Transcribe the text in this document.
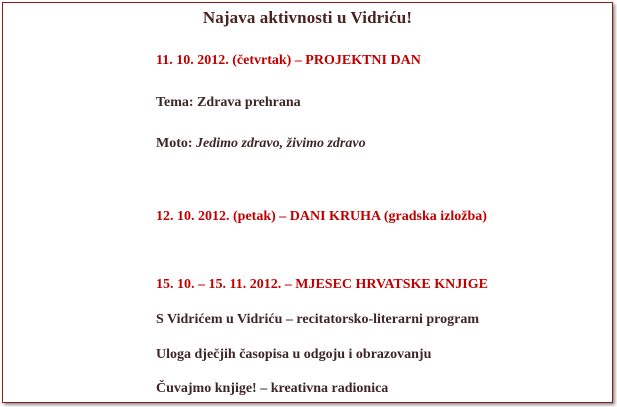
Najava aktivnosti u Vidriću!
11. 10. 2012. (četvrtak) – PROJEKTNI DAN
Tema: Zdrava prehrana
Moto: Jedimo zdravo, živimo zdravo
12. 10. 2012. (petak) – DANI KRUHA (gradska izložba)
15. 10. – 15. 11. 2012. – MJESEC HRVATSKE KNJIGE
S Vidrićem u Vidriću – recitatorsko-literarni program
Uloga dječjih časopisa u odgoju i obrazovanju
Čuvajmo knjige! – kreativna radionica
